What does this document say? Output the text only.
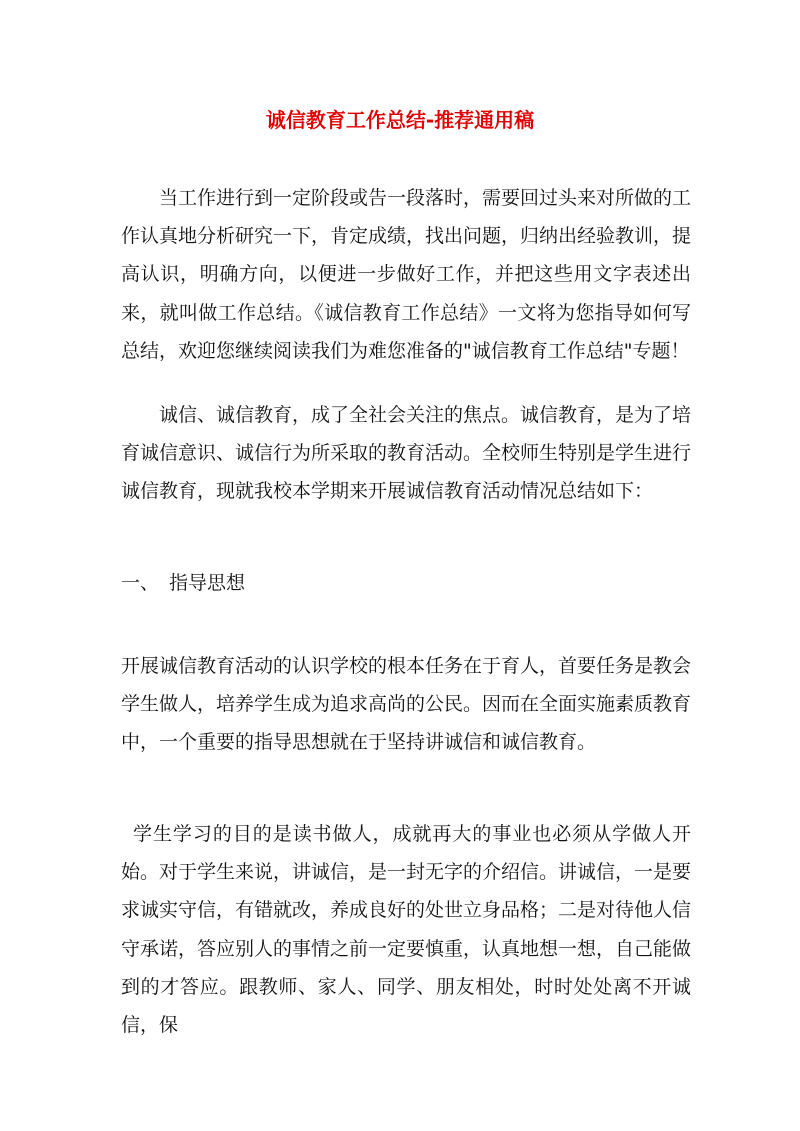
诚信教育工作总结-推荐通用稿

当工作进行到一定阶段或告一段落时，需要回过头来对所做的工作认真地分析研究一下，肯定成绩，找出问题，归纳出经验教训，提高认识，明确方向，以便进一步做好工作，并把这些用文字表述出来，就叫做工作总结。《诚信教育工作总结》一文将为您指导如何写总结，欢迎您继续阅读我们为难您准备的"诚信教育工作总结"专题！

诚信、诚信教育，成了全社会关注的焦点。诚信教育，是为了培育诚信意识、诚信行为所采取的教育活动。全校师生特别是学生进行诚信教育，现就我校本学期来开展诚信教育活动情况总结如下：

一、 指导思想

开展诚信教育活动的认识学校的根本任务在于育人，首要任务是教会学生做人，培养学生成为追求高尚的公民。因而在全面实施素质教育中，一个重要的指导思想就在于坚持讲诚信和诚信教育。

学生学习的目的是读书做人，成就再大的事业也必须从学做人开始。对于学生来说，讲诚信，是一封无字的介绍信。讲诚信，一是要求诚实守信，有错就改，养成良好的处世立身品格；二是对待他人信守承诺，答应别人的事情之前一定要慎重，认真地想一想，自己能做到的才答应。跟教师、家人、同学、朋友相处，时时处处离不开诚信，保
